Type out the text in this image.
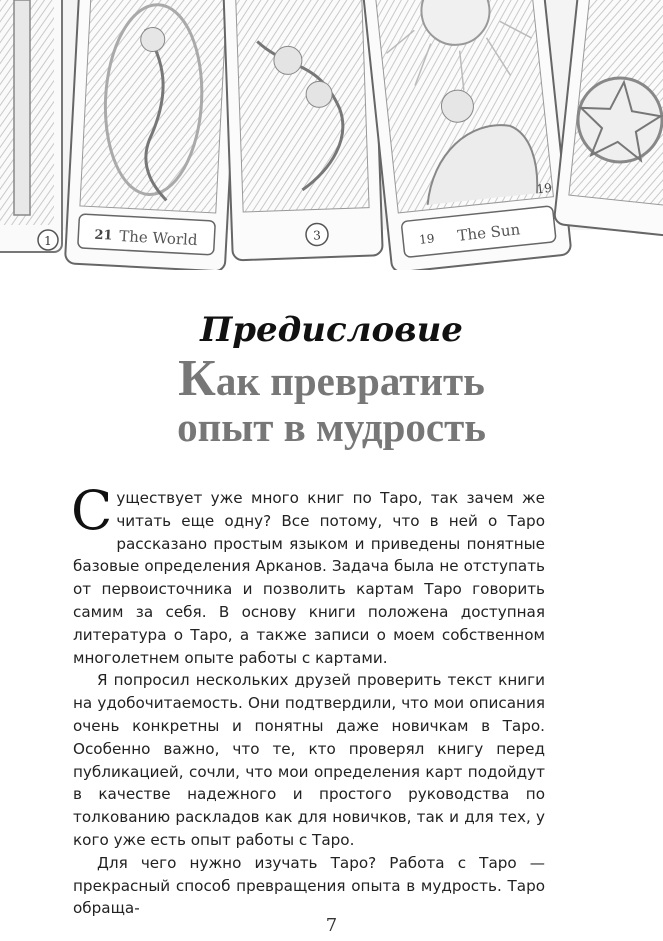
1	21 The World	3	19 The Sun
19
Предисловие
Как превратить
опыт в мудрость

Существует уже много книг по Таро, так зачем же читать еще одну? Все потому, что в ней о Таро рассказано простым языком и приведены понятные базовые определения Арканов. Задача была не отступать от первоисточника и позволить картам Таро говорить самим за себя. В основу книги положена доступная литература о Таро, а также записи о моем собственном многолетнем опыте работы с картами.

Я попросил нескольких друзей проверить текст книги на удобочитаемость. Они подтвердили, что мои описания очень конкретны и понятны даже новичкам в Таро. Особенно важно, что те, кто проверял книгу перед публикацией, сочли, что мои определения карт подойдут в качестве надежного и простого руководства по толкованию раскладов как для новичков, так и для тех, у кого уже есть опыт работы с Таро.

Для чего нужно изучать Таро? Работа с Таро — прекрасный способ превращения опыта в мудрость. Таро обраща-

7
